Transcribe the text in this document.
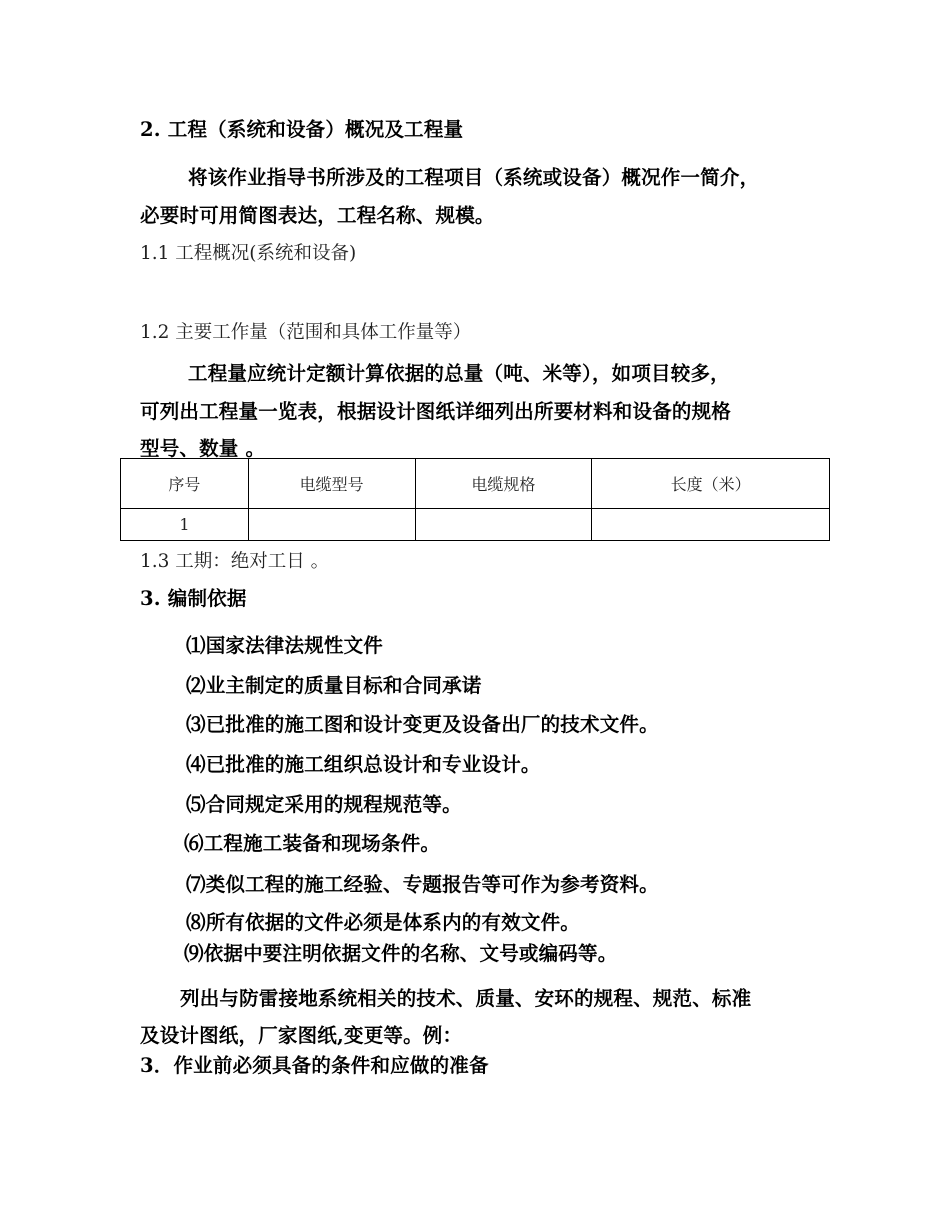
2. 工程（系统和设备）概况及工程量

将该作业指导书所涉及的工程项目（系统或设备）概况作一简介，

必要时可用简图表达，工程名称、规模。

1.1 工程概况(系统和设备)

1.2 主要工作量（范围和具体工作量等）

工程量应统计定额计算依据的总量（吨、米等），如项目较多，

可列出工程量一览表，根据设计图纸详细列出所要材料和设备的规格

型号、数量 。

序号	电缆型号	电缆规格	长度（米）
1			

1.3 工期：绝对工日 。

3. 编制依据

⑴国家法律法规性文件

⑵业主制定的质量目标和合同承诺

⑶已批准的施工图和设计变更及设备出厂的技术文件。

⑷已批准的施工组织总设计和专业设计。

⑸合同规定采用的规程规范等。

⑹工程施工装备和现场条件。

⑺类似工程的施工经验、专题报告等可作为参考资料。

⑻所有依据的文件必须是体系内的有效文件。

⑼依据中要注明依据文件的名称、文号或编码等。

列出与防雷接地系统相关的技术、质量、安环的规程、规范、标准

及设计图纸，厂家图纸,变更等。例：

3．作业前必须具备的条件和应做的准备
